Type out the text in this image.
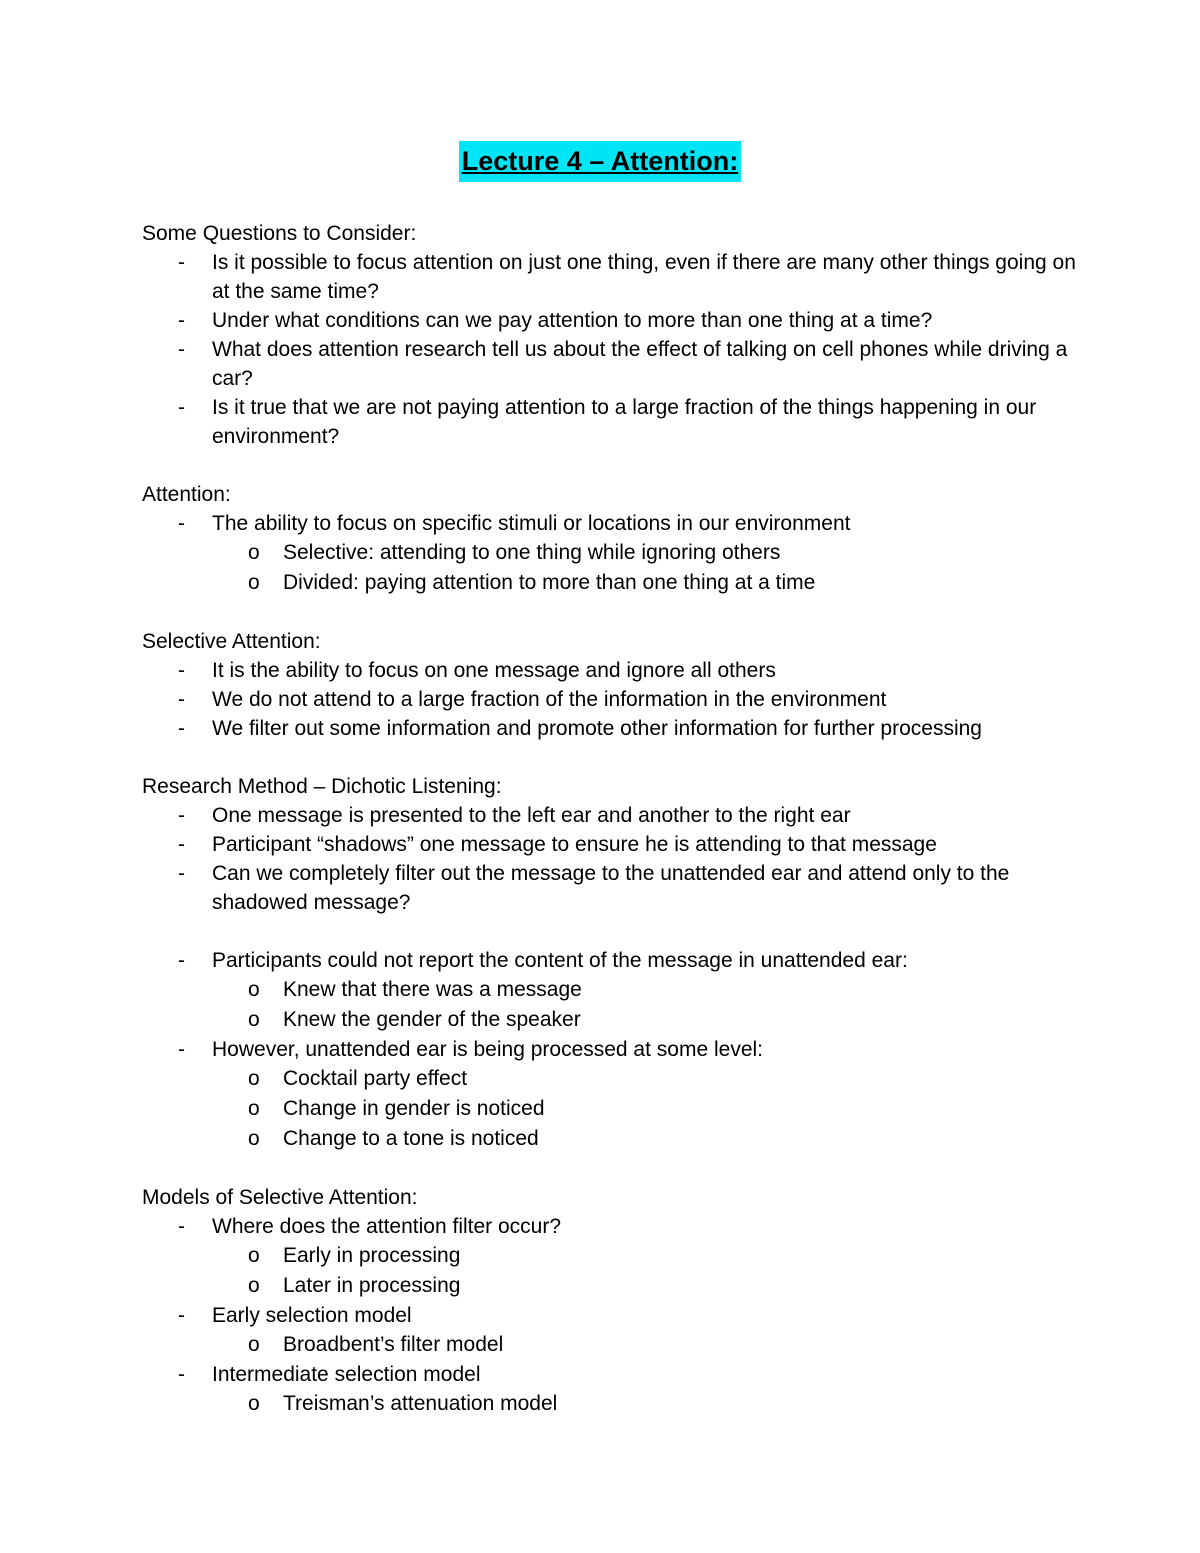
Lecture 4 – Attention:
Some Questions to Consider:
- Is it possible to focus attention on just one thing, even if there are many other things going on at the same time?
- Under what conditions can we pay attention to more than one thing at a time?
- What does attention research tell us about the effect of talking on cell phones while driving a car?
- Is it true that we are not paying attention to a large fraction of the things happening in our environment?
Attention:
- The ability to focus on specific stimuli or locations in our environment
o Selective: attending to one thing while ignoring others
o Divided: paying attention to more than one thing at a time
Selective Attention:
- It is the ability to focus on one message and ignore all others
- We do not attend to a large fraction of the information in the environment
- We filter out some information and promote other information for further processing
Research Method – Dichotic Listening:
- One message is presented to the left ear and another to the right ear
- Participant “shadows” one message to ensure he is attending to that message
- Can we completely filter out the message to the unattended ear and attend only to the shadowed message?
- Participants could not report the content of the message in unattended ear:
o Knew that there was a message
o Knew the gender of the speaker
- However, unattended ear is being processed at some level:
o Cocktail party effect
o Change in gender is noticed
o Change to a tone is noticed
Models of Selective Attention:
- Where does the attention filter occur?
o Early in processing
o Later in processing
- Early selection model
o Broadbent’s filter model
- Intermediate selection model
o Treisman’s attenuation model
